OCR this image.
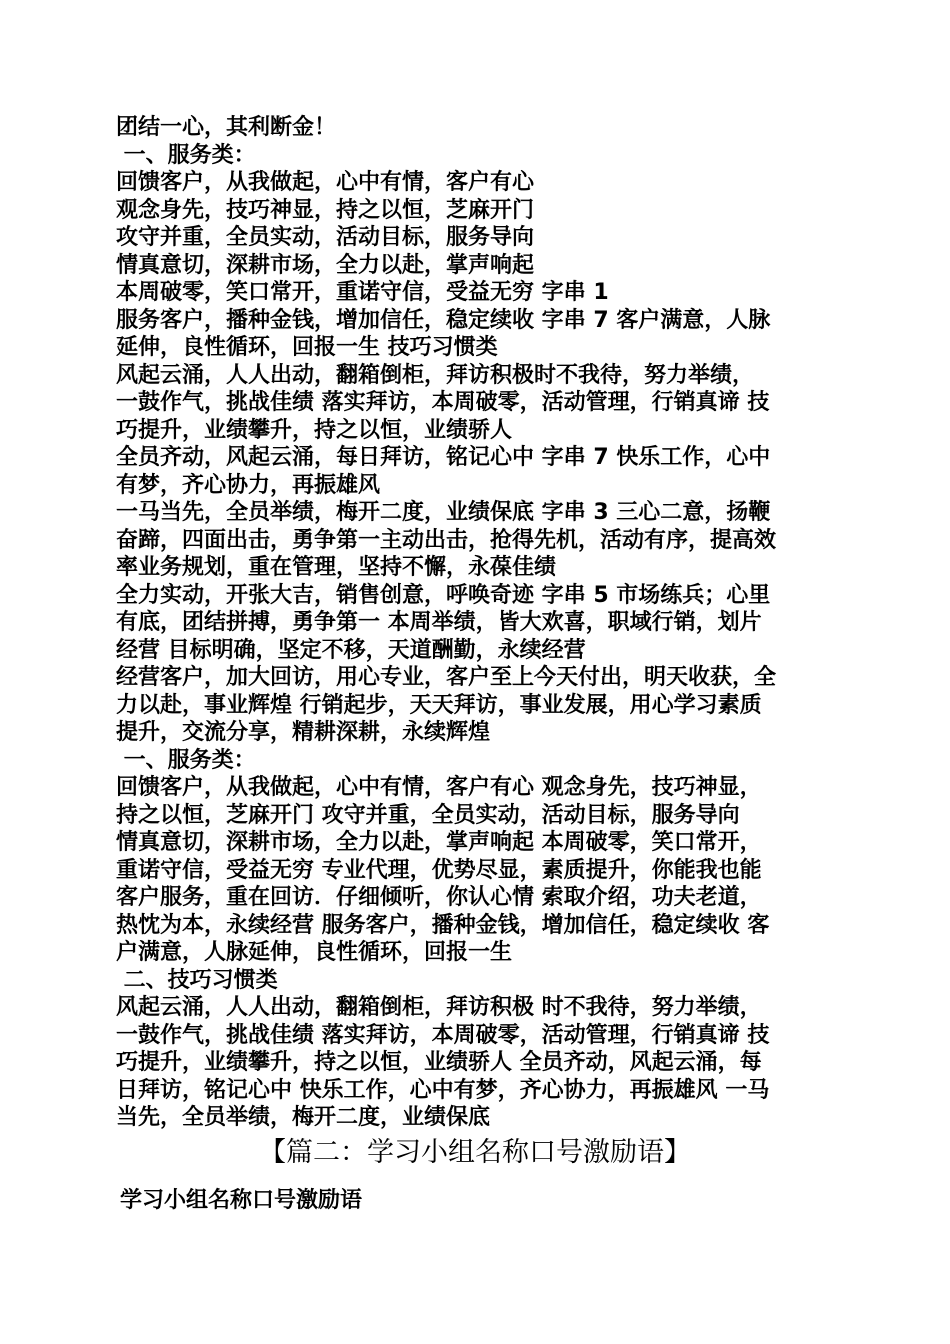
团结一心，其利断金！
一、服务类：
回馈客户，从我做起，心中有情，客户有心
观念身先，技巧神显，持之以恒，芝麻开门
攻守并重，全员实动，活动目标，服务导向
情真意切，深耕市场，全力以赴，掌声响起
本周破零，笑口常开，重诺守信，受益无穷 字串 1
服务客户，播种金钱，增加信任，稳定续收 字串 7 客户满意，人脉
延伸，良性循环，回报一生 技巧习惯类
风起云涌，人人出动，翻箱倒柜，拜访积极时不我待，努力举绩，
一鼓作气，挑战佳绩 落实拜访，本周破零，活动管理，行销真谛 技
巧提升，业绩攀升，持之以恒，业绩骄人
全员齐动，风起云涌，每日拜访，铭记心中 字串 7 快乐工作，心中
有梦，齐心协力，再振雄风
一马当先，全员举绩，梅开二度，业绩保底 字串 3 三心二意，扬鞭
奋蹄，四面出击，勇争第一主动出击，抢得先机，活动有序，提高效
率业务规划，重在管理，坚持不懈，永葆佳绩
全力实动，开张大吉，销售创意，呼唤奇迹 字串 5 市场练兵；心里
有底，团结拼搏，勇争第一 本周举绩，皆大欢喜，职域行销，划片
经营 目标明确，坚定不移，天道酬勤，永续经营
经营客户，加大回访，用心专业，客户至上今天付出，明天收获，全
力以赴，事业辉煌 行销起步，天天拜访，事业发展，用心学习素质
提升，交流分享，精耕深耕，永续辉煌
一、服务类：
回馈客户，从我做起，心中有情，客户有心 观念身先，技巧神显，
持之以恒，芝麻开门 攻守并重，全员实动，活动目标，服务导向
情真意切，深耕市场，全力以赴，掌声响起 本周破零，笑口常开，
重诺守信，受益无穷 专业代理，优势尽显，素质提升，你能我也能
客户服务，重在回访．仔细倾听，你认心情 索取介绍，功夫老道，
热忱为本，永续经营 服务客户，播种金钱，增加信任，稳定续收 客
户满意，人脉延伸，良性循环，回报一生
二、技巧习惯类
风起云涌，人人出动，翻箱倒柜，拜访积极 时不我待，努力举绩，
一鼓作气，挑战佳绩 落实拜访，本周破零，活动管理，行销真谛 技
巧提升，业绩攀升，持之以恒，业绩骄人 全员齐动，风起云涌，每
日拜访，铭记心中 快乐工作，心中有梦，齐心协力，再振雄风 一马
当先，全员举绩，梅开二度，业绩保底
【篇二：学习小组名称口号激励语】
学习小组名称口号激励语
